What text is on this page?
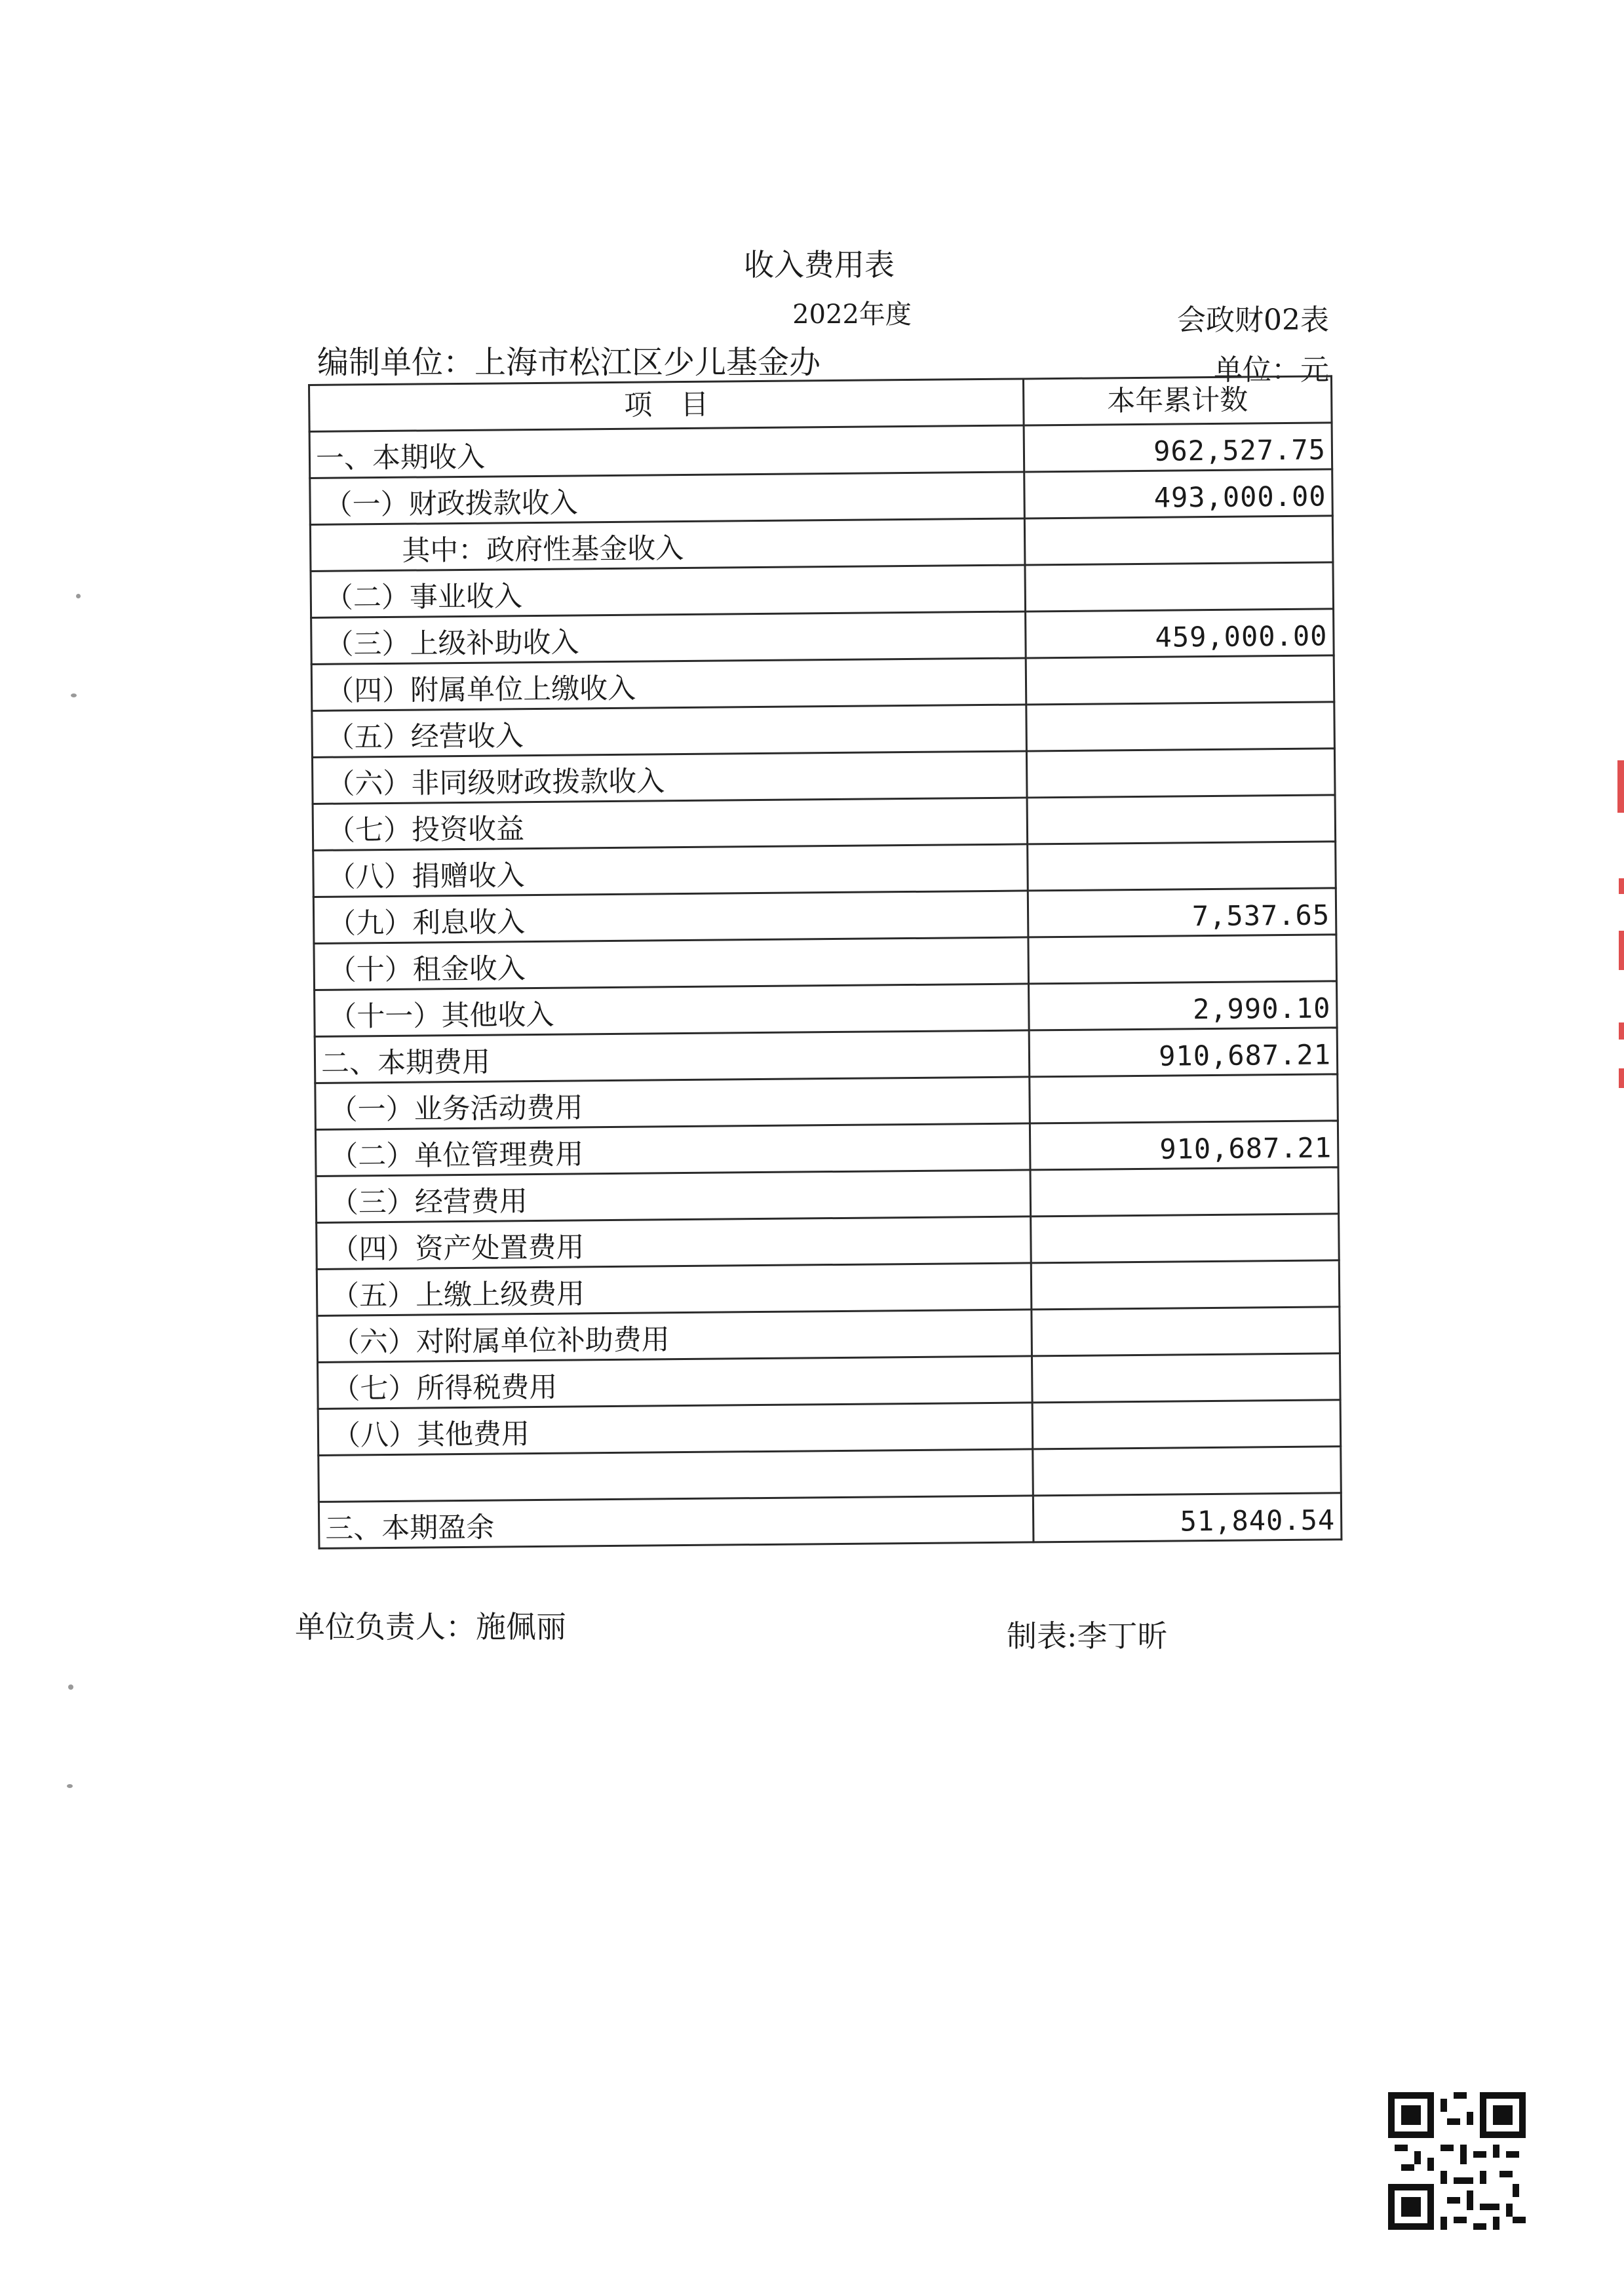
收入费用表
2022年度	会政财02表
编制单位：上海市松江区少儿基金办	单位：元
项　目	本年累计数
一、本期收入	962,527.75
（一）财政拨款收入	493,000.00
其中：政府性基金收入	
（二）事业收入	
（三）上级补助收入	459,000.00
（四）附属单位上缴收入	
（五）经营收入	
（六）非同级财政拨款收入	
（七）投资收益	
（八）捐赠收入	
（九）利息收入	7,537.65
（十）租金收入	
（十一）其他收入	2,990.10
二、本期费用	910,687.21
（一）业务活动费用	
（二）单位管理费用	910,687.21
（三）经营费用	
（四）资产处置费用	
（五）上缴上级费用	
（六）对附属单位补助费用	
（七）所得税费用	
（八）其他费用	

三、本期盈余	51,840.54
单位负责人：施佩丽	制表:李丁昕
